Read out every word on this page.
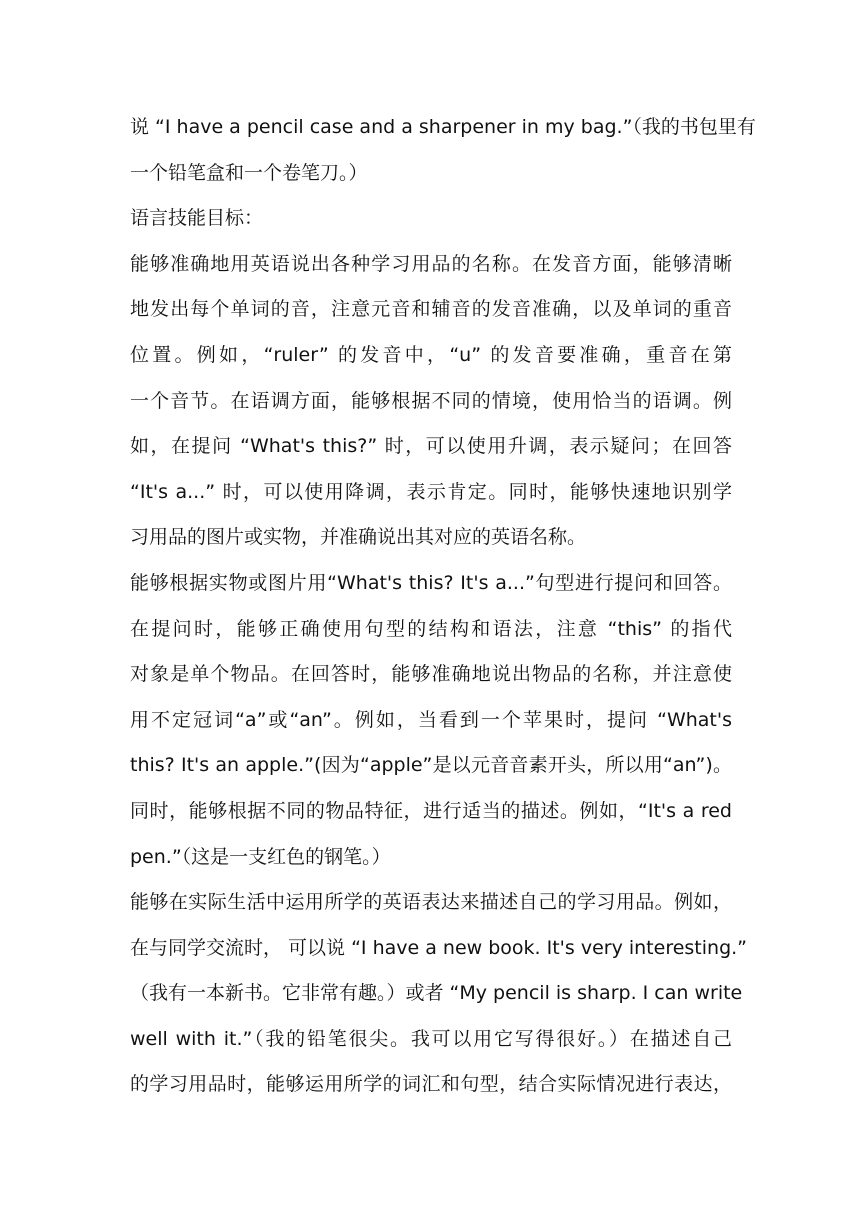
说 “I have a pencil case and a sharpener in my bag.”（我的书包里有
一个铅笔盒和一个卷笔刀。）
语言技能目标：
能够准确地用英语说出各种学习用品的名称。在发音方面，能够清晰
地发出每个单词的音，注意元音和辅音的发音准确，以及单词的重音
位置。例如，“ruler” 的发音中，“u” 的发音要准确，重音在第
一个音节。在语调方面，能够根据不同的情境，使用恰当的语调。例
如，在提问 “What's this?” 时，可以使用升调，表示疑问；在回答
“It's a...” 时，可以使用降调，表示肯定。同时，能够快速地识别学
习用品的图片或实物，并准确说出其对应的英语名称。
能够根据实物或图片用“What's this? It's a...”句型进行提问和回答。
在提问时，能够正确使用句型的结构和语法，注意 “this” 的指代
对象是单个物品。在回答时，能够准确地说出物品的名称，并注意使
用不定冠词“a”或“an”。例如，当看到一个苹果时，提问 “What's
this? It's an apple.”(因为“apple”是以元音音素开头，所以用“an”)。
同时，能够根据不同的物品特征，进行适当的描述。例如，“It's a red
pen.”（这是一支红色的钢笔。）
能够在实际生活中运用所学的英语表达来描述自己的学习用品。例如，
在与同学交流时， 可以说 “I have a new book. It's very interesting.”
（我有一本新书。它非常有趣。）或者 “My pencil is sharp. I can write
well with it.”（我的铅笔很尖。我可以用它写得很好。）在描述自己
的学习用品时，能够运用所学的词汇和句型，结合实际情况进行表达，
